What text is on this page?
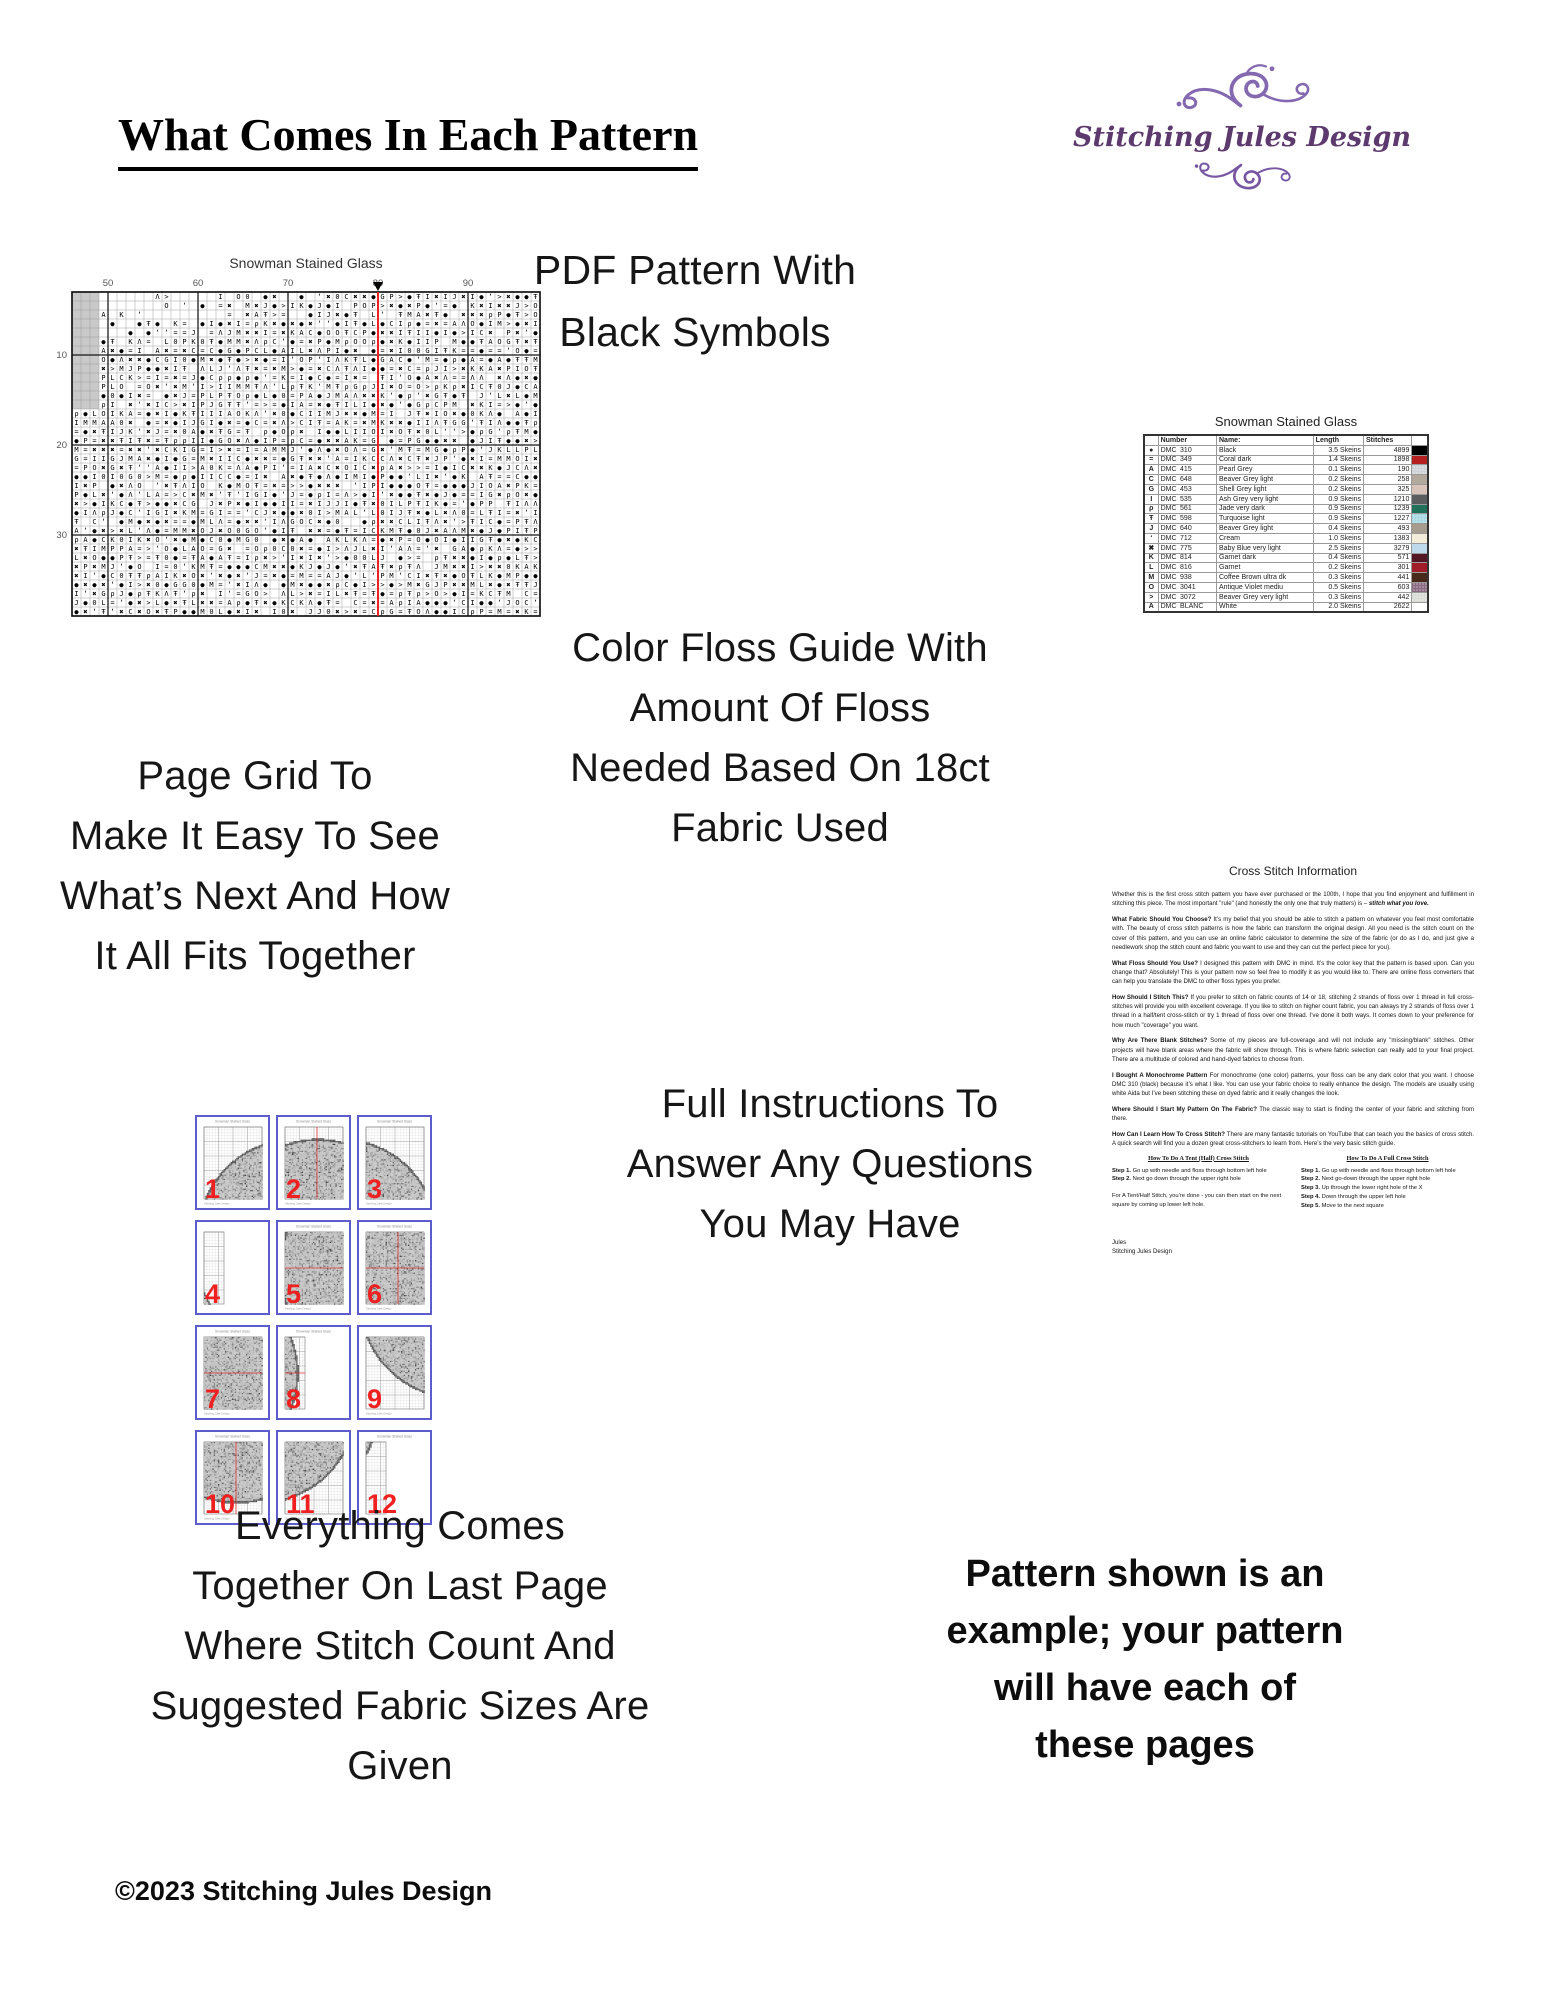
What Comes In Each Pattern	Stitching Jules Design
PDF Pattern With
Black Symbols
Snowman Stained Glass
	Number	Name:	Length	Stitches	
●	DMC 310	Black	3.5 Skeins	4899	
=	DMC 349	Coral dark	1.4 Skeins	1898	
A	DMC 415	Pearl Grey	0.1 Skeins	190	
C	DMC 648	Beaver Grey light	0.2 Skeins	258	
G	DMC 453	Shell Grey light	0.2 Skeins	325	
I	DMC 535	Ash Grey very light	0.9 Skeins	1210	
ρ	DMC 561	Jade very dark	0.9 Skeins	1239	
Ŧ	DMC 598	Turquoise light	0.9 Skeins	1227	
J	DMC 640	Beaver Grey light	0.4 Skeins	493	
ʻ	DMC 712	Cream	1.0 Skeins	1383	
✖	DMC 775	Baby Blue very light	2.5 Skeins	3279	
K	DMC 814	Garnet dark	0.4 Skeins	571	
L	DMC 816	Garnet	0.2 Skeins	301	
M	DMC 938	Coffee Brown ultra dk	0.3 Skeins	441	
O	DMC 3041	Antique Violet mediu	0.5 Skeins	603	
>	DMC 3072	Beaver Grey very light	0.3 Skeins	442	
A	DMC BLANC	White	2.0 Skeins	2622	
Color Floss Guide With
Amount Of Floss
Needed Based On 18ct
Fabric Used
Page Grid To
Make It Easy To See
What’s Next And How
It All Fits Together
Full Instructions To
Answer Any Questions
You May Have
Cross Stitch Information

Whether this is the first cross stitch pattern you have ever purchased or the 100th, I hope that you find enjoyment and fulfillment in stitching this piece. The most important "rule" (and honestly the only one that truly matters) is – stitch what you love.

What Fabric Should You Choose? It’s my belief that you should be able to stitch a pattern on whatever you feel most comfortable with. The beauty of cross stitch patterns is how the fabric can transform the original design. All you need is the stitch count on the cover of this pattern, and you can use an online fabric calculator to determine the size of the fabric (or do as I do, and just give a needlework shop the stitch count and fabric you want to use and they can cut the perfect piece for you).

What Floss Should You Use? I designed this pattern with DMC in mind. It’s the color key that the pattern is based upon. Can you change that? Absolutely! This is your pattern now so feel free to modify it as you would like to. There are online floss converters that can help you translate the DMC to other floss types you prefer.

How Should I Stitch This? If you prefer to stitch on fabric counts of 14 or 18, stitching 2 strands of floss over 1 thread in full cross-stitches will provide you with excellent coverage. If you like to stitch on higher count fabric, you can always try 2 strands of floss over 1 thread in a half/tent cross-stitch or try 1 thread of floss over one thread. I’ve done it both ways. It comes down to your preference for how much "coverage" you want.

Why Are There Blank Stitches? Some of my pieces are full-coverage and will not include any "missing/blank" stitches. Other projects will have blank areas where the fabric will show through. This is where fabric selection can really add to your final project. There are a multitude of colored and hand-dyed fabrics to choose from.

I Bought A Monochrome Pattern For monochrome (one color) patterns, your floss can be any dark color that you want. I choose DMC 310 (black) because it’s what I like. You can use your fabric choice to really enhance the design. The models are usually using white Aida but I’ve been stitching these on dyed fabric and it really changes the look.

Where Should I Start My Pattern On The Fabric? The classic way to start is finding the center of your fabric and stitching from there.

How Can I Learn How To Cross Stitch? There are many fantastic tutorials on YouTube that can teach you the basics of cross stitch. A quick search will find you a dozen great cross-stitchers to learn from. Here’s the very basic stitch guide.

How To Do A Tent (Half) Cross Stitch
Step 1. Go up with needle and floss through bottom left hole
Step 2. Next go down through the upper right hole
For A Tent/Half Stitch, you’re done - you can then start on the next square by coming up lower left hole.
How To Do A Full Cross Stitch
Step 1. Go up with needle and floss through bottom left hole
Step 2. Next go-down through the upper right hole
Step 3. Up through the lower right hole of the X
Step 4. Down through the upper left hole
Step 5. Move to the next square
Jules
Stitching Jules Design
Everything Comes
Together On Last Page
Where Stitch Count And
Suggested Fabric Sizes Are
Given
Pattern shown is an
example; your pattern
will have each of
these pages
©2023 Stitching Jules Design
